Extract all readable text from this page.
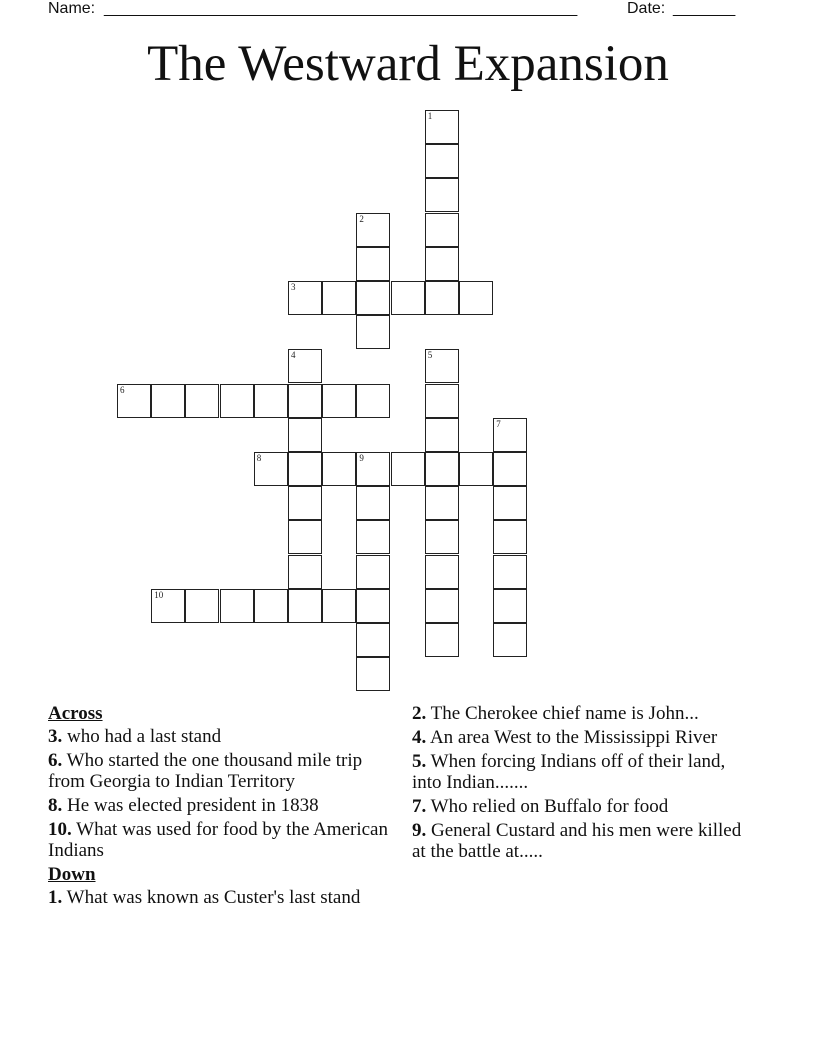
Name: _______________________________________________________	Date: _______
The Westward Expansion
1
2
3
4	5
6
7
8	9
10
Across
3. who had a last stand
6. Who started the one thousand mile trip from Georgia to Indian Territory
8. He was elected president in 1838
10. What was used for food by the American Indians
Down
1. What was known as Custer's last stand
2. The Cherokee chief name is John...
4. An area West to the Mississippi River
5. When forcing Indians off of their land, into Indian.......
7. Who relied on Buffalo for food
9. General Custard and his men were killed at the battle at.....
